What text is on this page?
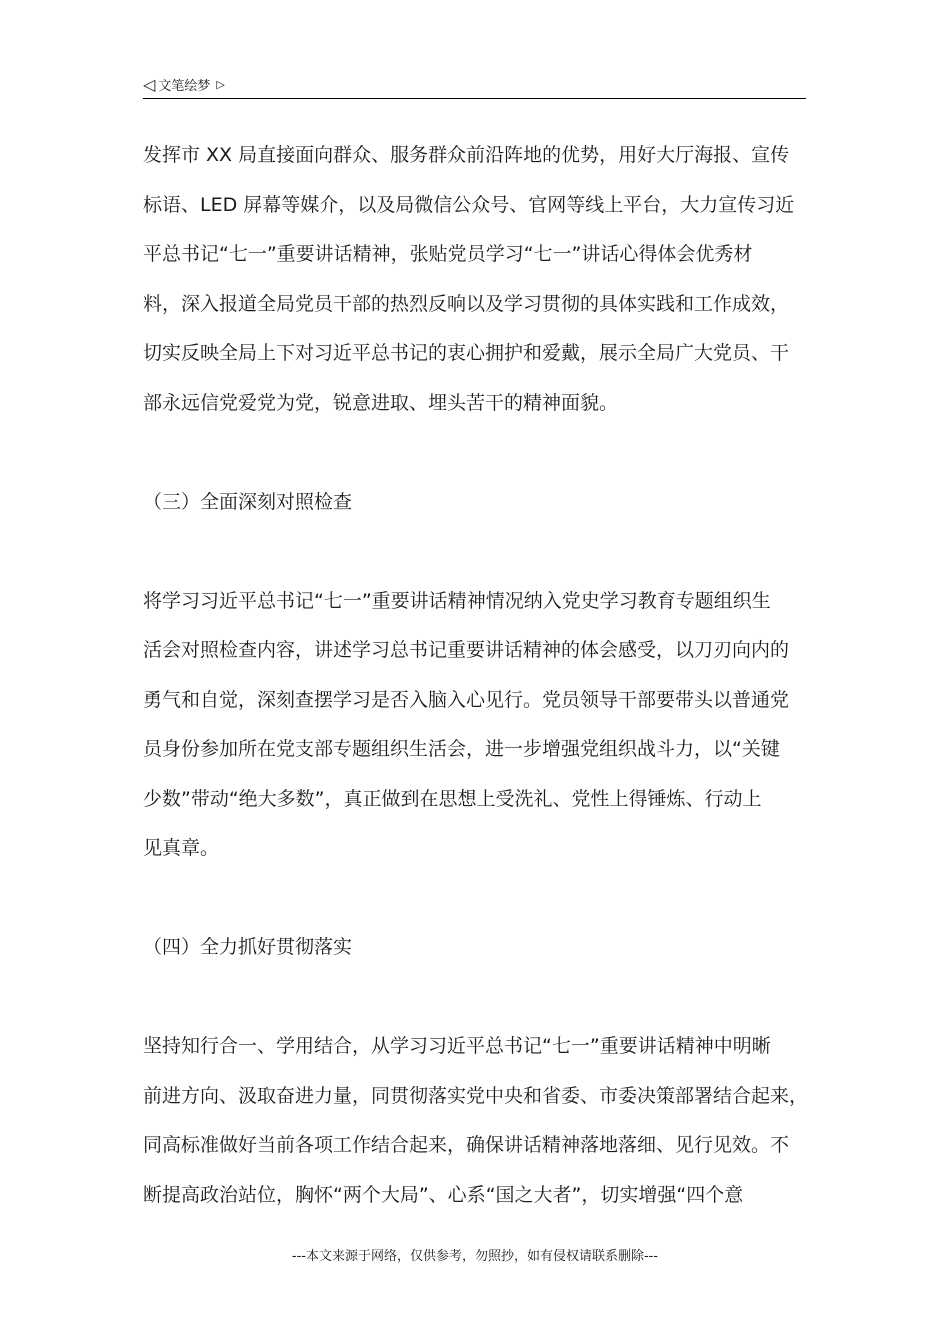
◁ 文笔绘梦 ▷

发挥市 XX 局直接面向群众、服务群众前沿阵地的优势，用好大厅海报、宣传
标语、LED 屏幕等媒介，以及局微信公众号、官网等线上平台，大力宣传习近
平总书记“七一”重要讲话精神，张贴党员学习“七一”讲话心得体会优秀材
料，深入报道全局党员干部的热烈反响以及学习贯彻的具体实践和工作成效，
切实反映全局上下对习近平总书记的衷心拥护和爱戴，展示全局广大党员、干
部永远信党爱党为党，锐意进取、埋头苦干的精神面貌。

（三）全面深刻对照检查

将学习习近平总书记“七一”重要讲话精神情况纳入党史学习教育专题组织生
活会对照检查内容，讲述学习总书记重要讲话精神的体会感受，以刀刃向内的
勇气和自觉，深刻查摆学习是否入脑入心见行。党员领导干部要带头以普通党
员身份参加所在党支部专题组织生活会，进一步增强党组织战斗力，以“关键
少数”带动“绝大多数”，真正做到在思想上受洗礼、党性上得锤炼、行动上
见真章。

（四）全力抓好贯彻落实

坚持知行合一、学用结合，从学习习近平总书记“七一”重要讲话精神中明晰
前进方向、汲取奋进力量，同贯彻落实党中央和省委、市委决策部署结合起来，
同高标准做好当前各项工作结合起来，确保讲话精神落地落细、见行见效。不
断提高政治站位，胸怀“两个大局”、心系“国之大者”，切实增强“四个意

---本文来源于网络，仅供参考，勿照抄，如有侵权请联系删除---
